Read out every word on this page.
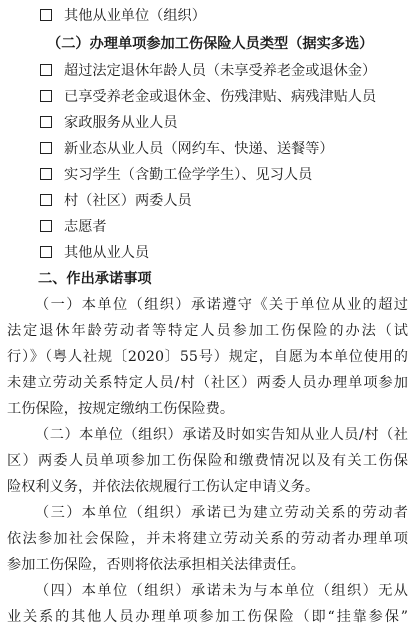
其他从业单位（组织）
（二）办理单项参加工伤保险人员类型（据实多选）
超过法定退休年龄人员（未享受养老金或退休金）
已享受养老金或退休金、伤残津贴、病残津贴人员
家政服务从业人员
新业态从业人员（网约车、快递、送餐等）
实习学生（含勤工俭学学生）、见习人员
村（社区）两委人员
志愿者
其他从业人员
二、作出承诺事项
（一）本单位（组织）承诺遵守《关于单位从业的超过
法定退休年龄劳动者等特定人员参加工伤保险的办法（试
行）》（粤人社规〔2020〕55号）规定，自愿为本单位使用的
未建立劳动关系特定人员/村（社区）两委人员办理单项参加
工伤保险，按规定缴纳工伤保险费。
（二）本单位（组织）承诺及时如实告知从业人员/村（社
区）两委人员单项参加工伤保险和缴费情况以及有关工伤保
险权利义务，并依法依规履行工伤认定申请义务。
（三）本单位（组织）承诺已为建立劳动关系的劳动者
依法参加社会保险，并未将建立劳动关系的劳动者办理单项
参加工伤保险，否则将依法承担相关法律责任。
（四）本单位（组织）承诺未为与本单位（组织）无从
业关系的其他人员办理单项参加工伤保险（即“挂靠参保”
